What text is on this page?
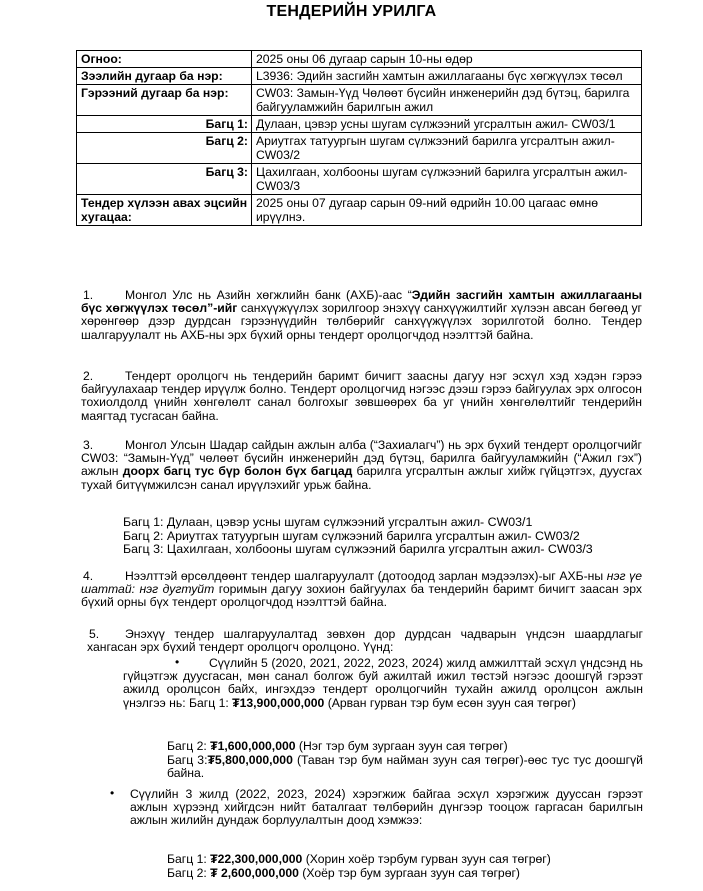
ТЕНДЕРИЙН УРИЛГА
Огноо:	2025 оны 06 дугаар сарын 10-ны өдөр
Зээлийн дугаар ба нэр:	L3936: Эдийн засгийн хамтын ажиллагааны бүс хөгжүүлэх төсөл
Гэрээний дугаар ба нэр:	CW03: Замын-Үүд Чөлөөт бүсийн инженерийн дэд бүтэц, барилга байгууламжийн барилгын ажил
Багц 1:	Дулаан, цэвэр усны шугам сүлжээний угсралтын ажил- CW03/1
Багц 2:	Ариутгах татуургын шугам сүлжээний барилга угсралтын ажил- CW03/2
Багц 3:	Цахилгаан, холбооны шугам сүлжээний барилга угсралтын ажил- CW03/3
Тендер хүлээн авах эцсийн хугацаа:	2025 оны 07 дугаар сарын 09-ний өдрийн 10.00 цагаас өмнө ирүүлнэ.

1.	Монгол Улс нь Азийн хөгжлийн банк (АХБ)-аас “Эдийн засгийн хамтын ажиллагааны бүс хөгжүүлэх төсөл”-ийг санхүүжүүлэх зорилгоор энэхүү санхүүжилтийг хүлээн авсан бөгөөд уг хөрөнгөөр дээр дурдсан гэрээнүүдийн төлбөрийг санхүүжүүлэх зорилготой болно. Тендер шалгаруулалт нь АХБ-ны эрх бүхий орны тендерт оролцогчдод нээлттэй байна.

2.	Тендерт оролцогч нь тендерийн баримт бичигт заасны дагуу нэг эсхүл хэд хэдэн гэрээ байгуулахаар тендер ирүүлж болно. Тендерт оролцогчид нэгээс дээш гэрээ байгуулах эрх олгосон тохиолдолд үнийн хөнгөлөлт санал болгохыг зөвшөөрөх ба уг үнийн хөнгөлөлтийг тендерийн маягтад тусгасан байна.

3.	Монгол Улсын Шадар сайдын ажлын алба (“Захиалагч”) нь эрх бүхий тендерт оролцогчийг CW03: “Замын-Үүд” чөлөөт бүсийн инженерийн дэд бүтэц, барилга байгууламжийн (“Ажил гэх”) ажлын доорх багц тус бүр болон бүх багцад барилга угсралтын ажлыг хийж гүйцэтгэх, дуусгах тухай битүүмжилсэн санал ирүүлэхийг урьж байна.

Багц 1: Дулаан, цэвэр усны шугам сүлжээний угсралтын ажил- CW03/1
Багц 2: Ариутгах татуургын шугам сүлжээний барилга угсралтын ажил- CW03/2
Багц 3: Цахилгаан, холбооны шугам сүлжээний барилга угсралтын ажил- CW03/3

4.	Нээлттэй өрсөлдөөнт тендер шалгаруулалт (дотоодод зарлан мэдээлэх)-ыг АХБ-ны нэг үе шаттай: нэг дугтуйт горимын дагуу зохион байгуулах ба тендерийн баримт бичигт заасан эрх бүхий орны бүх тендерт оролцогчдод нээлттэй байна.

5. Энэхүү тендер шалгаруулалтад зөвхөн дор дурдсан чадварын үндсэн шаардлагыг хангасан эрх бүхий тендерт оролцогч оролцоно. Үүнд:

•	Сүүлийн 5 (2020, 2021, 2022, 2023, 2024) жилд амжилттай эсхүл үндсэнд нь гүйцэтгэж дуусгасан, мөн санал болгож буй ажилтай ижил төстэй нэгээс доошгүй гэрээт ажилд оролцсон байх, ингэхдээ тендерт оролцогчийн тухайн ажилд оролцсон ажлын үнэлгээ нь: Багц 1: ₮13,900,000,000 (Арван гурван тэр бум есөн зуун сая төгрөг)
Багц 2: ₮1,600,000,000 (Нэг тэр бум зургаан зуун сая төгрөг)
Багц 3:₮5,800,000,000 (Таван тэр бум найман зуун сая төгрөг)-өөс тус тус доошгүй байна.
• Сүүлийн 3 жилд (2022, 2023, 2024) хэрэгжиж байгаа эсхүл хэрэгжиж дууссан гэрээт ажлын хүрээнд хийгдсэн нийт баталгаат төлбөрийн дүнгээр тооцож гаргасан барилгын ажлын жилийн дундаж борлуулалтын доод хэмжээ:
Багц 1: ₮22,300,000,000 (Хорин хоёр тэрбум гурван зуун сая төгрөг)
Багц 2: ₮ 2,600,000,000 (Хоёр тэр бум зургаан зуун сая төгрөг)
